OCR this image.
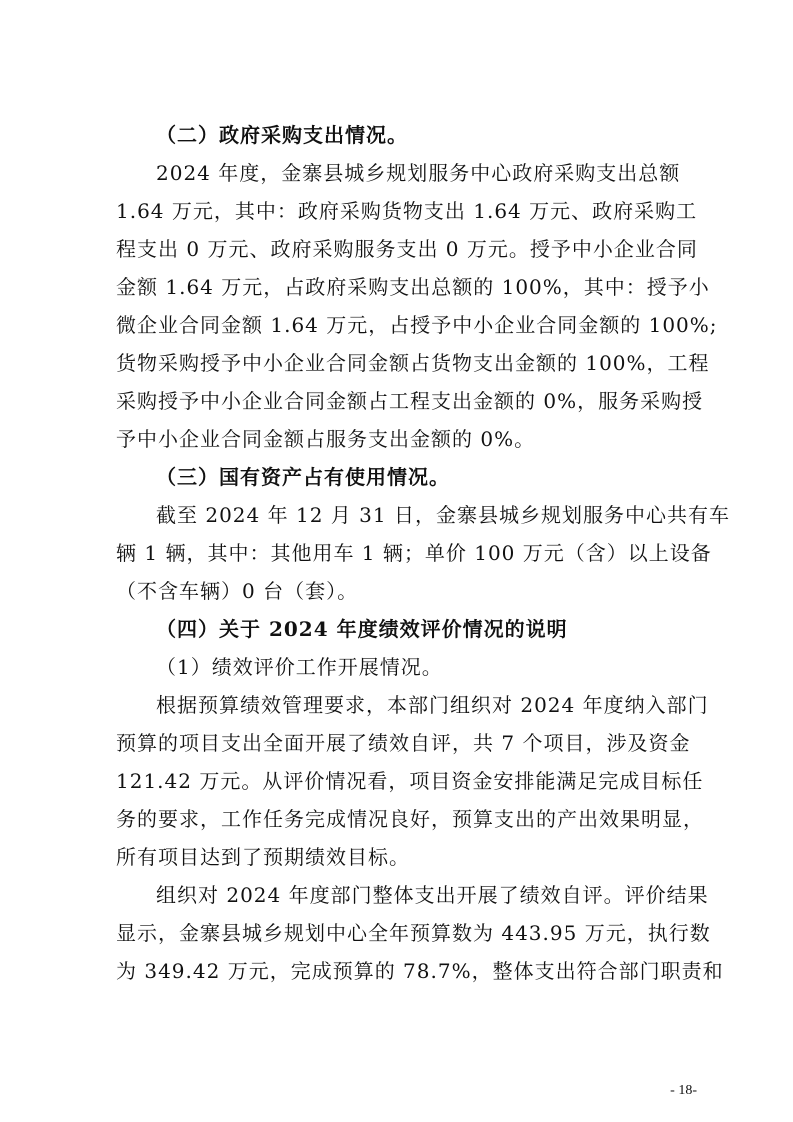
（二）政府采购支出情况。
2024 年度，金寨县城乡规划服务中心政府采购支出总额
1.64 万元，其中：政府采购货物支出 1.64 万元、政府采购工
程支出 0 万元、政府采购服务支出 0 万元。授予中小企业合同
金额 1.64 万元，占政府采购支出总额的 100%，其中：授予小
微企业合同金额 1.64 万元，占授予中小企业合同金额的 100%;
货物采购授予中小企业合同金额占货物支出金额的 100%，工程
采购授予中小企业合同金额占工程支出金额的 0%，服务采购授
予中小企业合同金额占服务支出金额的 0%。
（三）国有资产占有使用情况。
截至 2024 年 12 月 31 日，金寨县城乡规划服务中心共有车
辆 1 辆，其中：其他用车 1 辆；单价 100 万元（含）以上设备
（不含车辆）0 台（套）。
（四）关于 2024 年度绩效评价情况的说明
（1）绩效评价工作开展情况。
根据预算绩效管理要求，本部门组织对 2024 年度纳入部门
预算的项目支出全面开展了绩效自评，共 7 个项目，涉及资金
121.42 万元。从评价情况看，项目资金安排能满足完成目标任
务的要求，工作任务完成情况良好，预算支出的产出效果明显，
所有项目达到了预期绩效目标。
组织对 2024 年度部门整体支出开展了绩效自评。评价结果
显示，金寨县城乡规划中心全年预算数为 443.95 万元，执行数
为 349.42 万元，完成预算的 78.7%，整体支出符合部门职责和
- 18-
